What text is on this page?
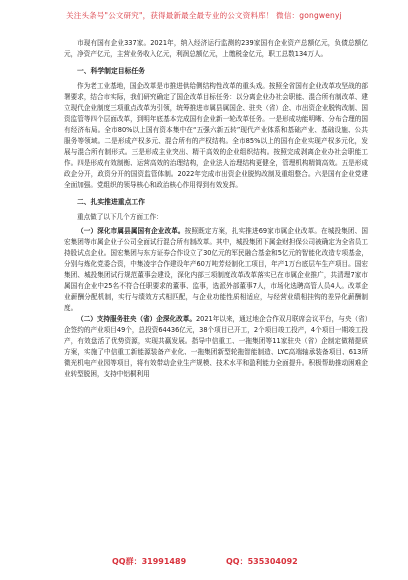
关注头条号"公文研究"，获得最新最全最专业的公文资料库！ 微信：gongwenyj

市现有国有企业337家。2021年，纳入经济运行监测的239家国有企业资产总额亿元，负债总额亿元，净资产亿元，主营业务收入亿元，利润总额亿元，上缴税金亿元，职工总数134万人。

一、科学制定目标任务

作为老工业基地，国企改革是市推进供给侧结构性改革的重头戏。按照全省国有企业改革攻坚战的部署要求，结合市实际，我们研究确定了国企改革目标任务：以分离企业办社会职能、混合所有制改革、建立现代企业制度三项重点改革为引领，统筹推进市属县属国企、驻央（省）企、市出资企业脱钩改制、国资监管等四个层面改革，到明年底基本完成国有企业新一轮改革任务。一是形成功能明晰、分布合理的国有经济布局。全市80%以上国有资本集中在“五强六新五转”现代产业体系和基础产业、基础设施、公共服务等领域。二是形成产权多元、混合所有的产权结构。全市85%以上的国有企业实现产权多元化，发展与混合所有制形式。三是形成主业突出、精干高效的企业组织结构。按照完成剥离企业办社会职能工作。四是形成有效制衡、运营高效的治理结构，企业法人治理结构更健全，管理机构精简高效。五是形成政企分开，政资分开的国资监管体制。2022年完成市出资企业脱钩改制及重组整合。六是国有企业党建全面加强。党组织的领导核心和政治核心作用得到有效发挥。

二、扎实推进重点工作
重点做了以下几个方面工作：

（一）深化市属县属国有企业改革。按照既定方案，扎实推进69家市属企业改革。在城投集团、国宏集团等市属企业子公司全面试行混合所有制改革。其中，城投集团下属金财担保公司被确定为全省员工持股试点企业。国宏集团与东方证券合作设立了30亿元的军民融合基金和5亿元的智能化改造专项基金，分别与炼化党委合资，中集凌宇合作建设年产60万吨芳烃制化工项目，年产1万台底层车生产项目。国宏集团、城投集团试行规范董事会建设，深化内部三项制度改革改革落实已在市属企业推广，共清理7家市属国有企业中25名不符合任职要求的董事、监事，选派外部董事7人，市场化选聘高管人员4人。改革企业薪酬分配机制，实行与绩效方式相匹配，与企业功能性质相适应，与经营业绩相挂钩的差异化薪酬制度。

（二）支持服务驻央（省）企深化改革。2021年以来，通过地企合作双月联席会议平台，与央（省）企签约的产业项目49个，总投资64436亿元，38个项目已开工，2个项目竣工投产，4个项目一期竣工投产，有效盘活了优势资源，实现共赢发展。指导中信重工、一拖集团等11家驻央（省）企制定做精提质方案，实施了中信重工新能源装备产业化、一拖集团新型轮拖智能制造、LYC高端轴承装备项目、613所微光机电产业园等项目，将有效带动企业生产规模、技术水平和盈利能力全面提升。积极帮助推动困难企业转型脱困，支持中铝桐利用

QQ群：31991489	QQ：535304092
